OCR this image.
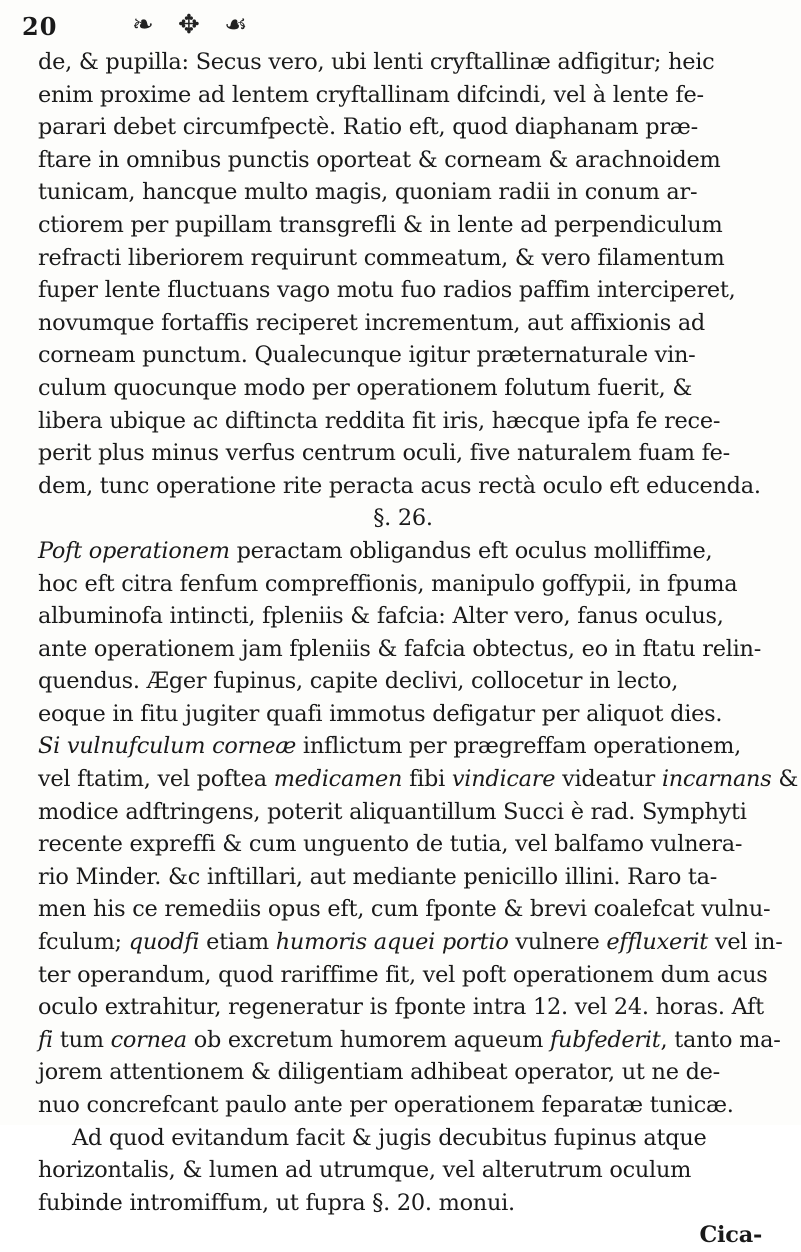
20	❧ ✥ ☙
de, & pupilla: Secus vero, ubi lenti cryftallinæ adfigitur; heic
enim proxime ad lentem cryftallinam difcindi, vel à lente fe-
parari debet circumfpectè. Ratio eft, quod diaphanam præ-
ftare in omnibus punctis oporteat & corneam & arachnoidem
tunicam, hancque multo magis, quoniam radii in conum ar-
ctiorem per pupillam transgrefli & in lente ad perpendiculum
refracti liberiorem requirunt commeatum, & vero filamentum
fuper lente fluctuans vago motu fuo radios paffim interciperet,
novumque fortaffis reciperet incrementum, aut affixionis ad
corneam punctum. Qualecunque igitur præternaturale vin-
culum quocunque modo per operationem folutum fuerit, &
libera ubique ac diftincta reddita fit iris, hæcque ipfa fe rece-
perit plus minus verfus centrum oculi, five naturalem fuam fe-
dem, tunc operatione rite peracta acus rectà oculo eft educenda.
§. 26.
Poft operationem peractam obligandus eft oculus molliffime,
hoc eft citra fenfum compreffionis, manipulo goffypii, in fpuma
albuminofa intincti, fpleniis & fafcia: Alter vero, fanus oculus,
ante operationem jam fpleniis & fafcia obtectus, eo in ftatu relin-
quendus. Æger fupinus, capite declivi, collocetur in lecto,
eoque in fitu jugiter quafi immotus defigatur per aliquot dies.
Si vulnufculum corneæ inflictum per prægreffam operationem,
vel ftatim, vel poftea medicamen fibi vindicare videatur incarnans &
modice adftringens, poterit aliquantillum Succi è rad. Symphyti
recente expreffi & cum unguento de tutia, vel balfamo vulnera-
rio Minder. &c inftillari, aut mediante penicillo illini. Raro ta-
men his ce remediis opus eft, cum fponte & brevi coalefcat vulnu-
fculum; quodfi etiam humoris aquei portio vulnere effluxerit vel in-
ter operandum, quod rariffime fit, vel poft operationem dum acus
oculo extrahitur, regeneratur is fponte intra 12. vel 24. horas. Aft
fi tum cornea ob excretum humorem aqueum fubfederit, tanto ma-
jorem attentionem & diligentiam adhibeat operator, ut ne de-
nuo concrefcant paulo ante per operationem feparatæ tunicæ.
Ad quod evitandum facit & jugis decubitus fupinus atque
horizontalis, & lumen ad utrumque, vel alterutrum oculum
fubinde intromiffum, ut fupra §. 20. monui.
Cica-
